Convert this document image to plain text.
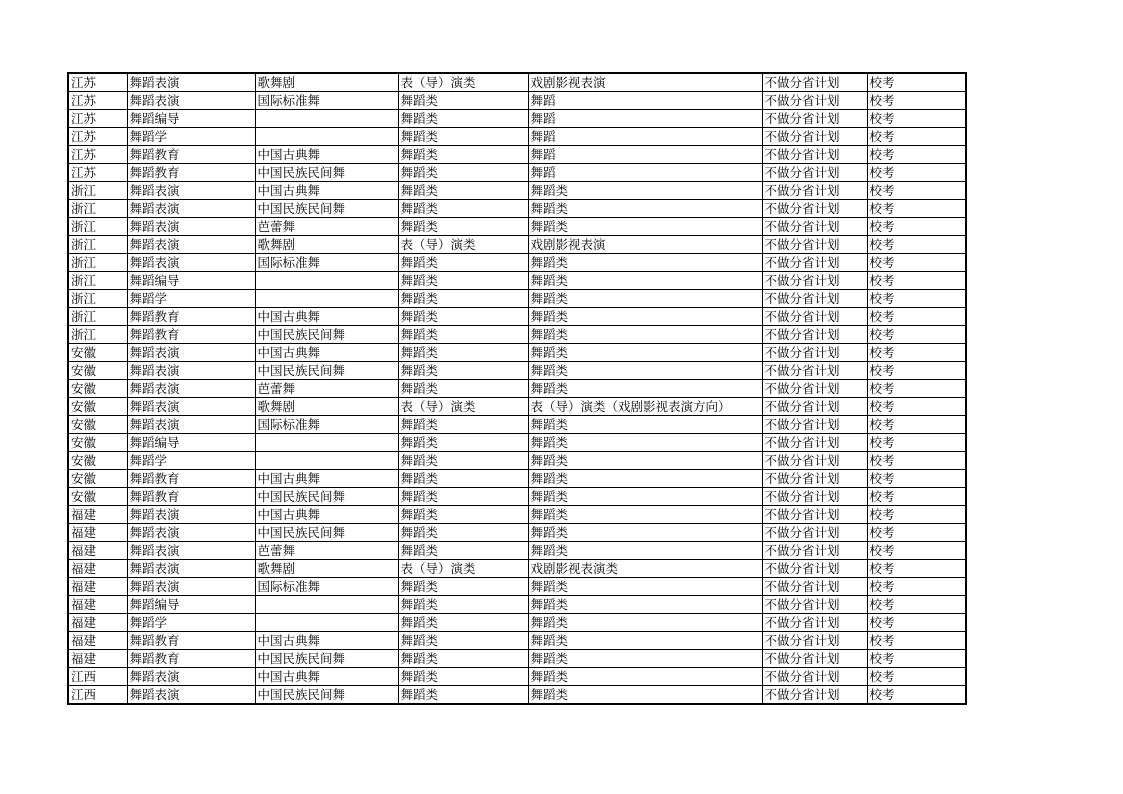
江苏	舞蹈表演	歌舞剧	表（导）演类	戏剧影视表演	不做分省计划	校考
江苏	舞蹈表演	国际标准舞	舞蹈类	舞蹈	不做分省计划	校考
江苏	舞蹈编导		舞蹈类	舞蹈	不做分省计划	校考
江苏	舞蹈学		舞蹈类	舞蹈	不做分省计划	校考
江苏	舞蹈教育	中国古典舞	舞蹈类	舞蹈	不做分省计划	校考
江苏	舞蹈教育	中国民族民间舞	舞蹈类	舞蹈	不做分省计划	校考
浙江	舞蹈表演	中国古典舞	舞蹈类	舞蹈类	不做分省计划	校考
浙江	舞蹈表演	中国民族民间舞	舞蹈类	舞蹈类	不做分省计划	校考
浙江	舞蹈表演	芭蕾舞	舞蹈类	舞蹈类	不做分省计划	校考
浙江	舞蹈表演	歌舞剧	表（导）演类	戏剧影视表演	不做分省计划	校考
浙江	舞蹈表演	国际标准舞	舞蹈类	舞蹈类	不做分省计划	校考
浙江	舞蹈编导		舞蹈类	舞蹈类	不做分省计划	校考
浙江	舞蹈学		舞蹈类	舞蹈类	不做分省计划	校考
浙江	舞蹈教育	中国古典舞	舞蹈类	舞蹈类	不做分省计划	校考
浙江	舞蹈教育	中国民族民间舞	舞蹈类	舞蹈类	不做分省计划	校考
安徽	舞蹈表演	中国古典舞	舞蹈类	舞蹈类	不做分省计划	校考
安徽	舞蹈表演	中国民族民间舞	舞蹈类	舞蹈类	不做分省计划	校考
安徽	舞蹈表演	芭蕾舞	舞蹈类	舞蹈类	不做分省计划	校考
安徽	舞蹈表演	歌舞剧	表（导）演类	表（导）演类（戏剧影视表演方向）	不做分省计划	校考
安徽	舞蹈表演	国际标准舞	舞蹈类	舞蹈类	不做分省计划	校考
安徽	舞蹈编导		舞蹈类	舞蹈类	不做分省计划	校考
安徽	舞蹈学		舞蹈类	舞蹈类	不做分省计划	校考
安徽	舞蹈教育	中国古典舞	舞蹈类	舞蹈类	不做分省计划	校考
安徽	舞蹈教育	中国民族民间舞	舞蹈类	舞蹈类	不做分省计划	校考
福建	舞蹈表演	中国古典舞	舞蹈类	舞蹈类	不做分省计划	校考
福建	舞蹈表演	中国民族民间舞	舞蹈类	舞蹈类	不做分省计划	校考
福建	舞蹈表演	芭蕾舞	舞蹈类	舞蹈类	不做分省计划	校考
福建	舞蹈表演	歌舞剧	表（导）演类	戏剧影视表演类	不做分省计划	校考
福建	舞蹈表演	国际标准舞	舞蹈类	舞蹈类	不做分省计划	校考
福建	舞蹈编导		舞蹈类	舞蹈类	不做分省计划	校考
福建	舞蹈学		舞蹈类	舞蹈类	不做分省计划	校考
福建	舞蹈教育	中国古典舞	舞蹈类	舞蹈类	不做分省计划	校考
福建	舞蹈教育	中国民族民间舞	舞蹈类	舞蹈类	不做分省计划	校考
江西	舞蹈表演	中国古典舞	舞蹈类	舞蹈类	不做分省计划	校考
江西	舞蹈表演	中国民族民间舞	舞蹈类	舞蹈类	不做分省计划	校考
